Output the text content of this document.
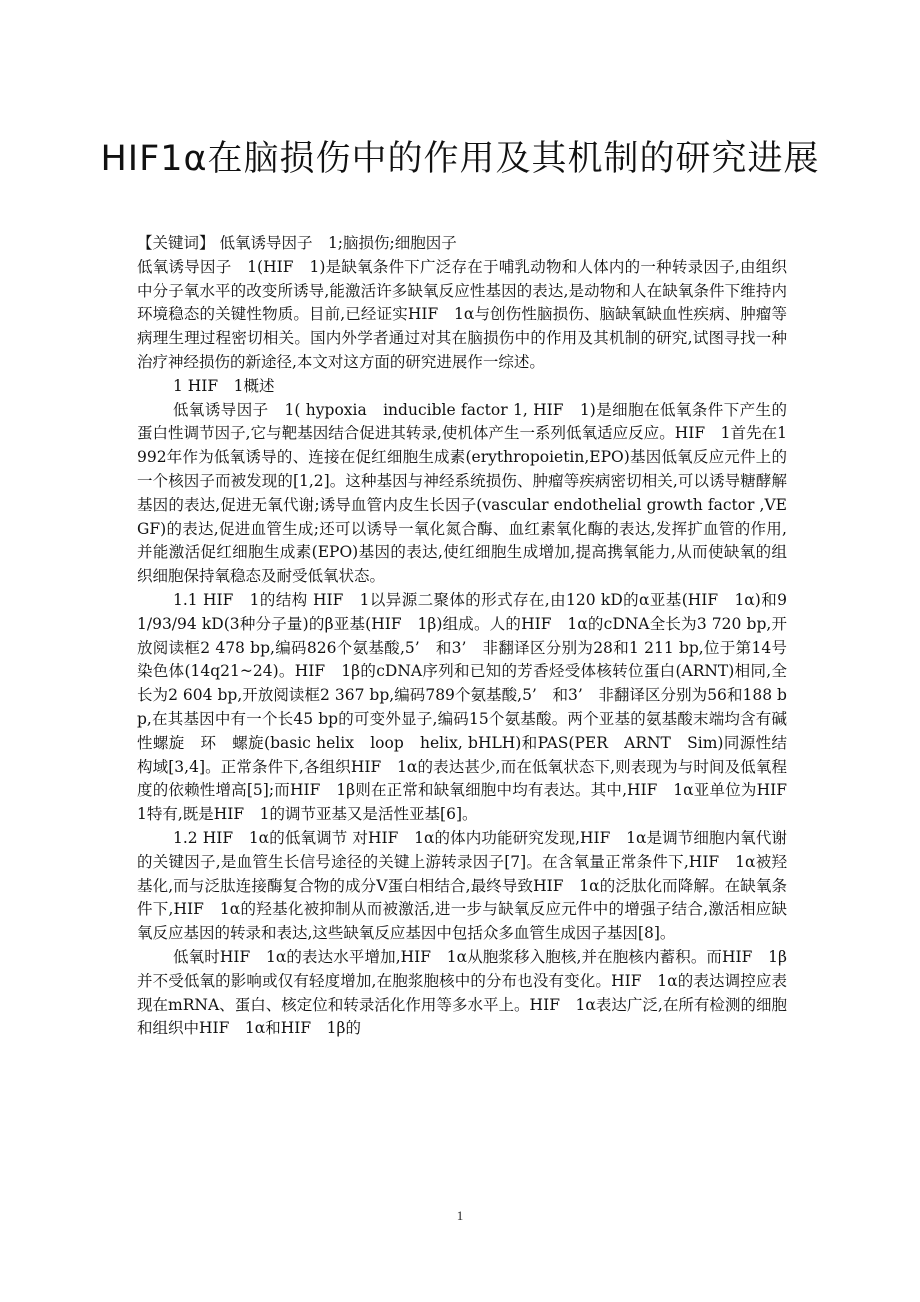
HIF1α在脑损伤中的作用及其机制的研究进展

【关键词】 低氧诱导因子　1;脑损伤;细胞因子

低氧诱导因子　1(HIF　1)是缺氧条件下广泛存在于哺乳动物和人体内的一种转录因子,由组织中分子氧水平的改变所诱导,能激活许多缺氧反应性基因的表达,是动物和人在缺氧条件下维持内环境稳态的关键性物质。目前,已经证实HIF　1α与创伤性脑损伤、脑缺氧缺血性疾病、肿瘤等病理生理过程密切相关。国内外学者通过对其在脑损伤中的作用及其机制的研究,试图寻找一种治疗神经损伤的新途径,本文对这方面的研究进展作一综述。

1 HIF　1概述

低氧诱导因子　1( hypoxia　inducible factor 1, HIF　1)是细胞在低氧条件下产生的蛋白性调节因子,它与靶基因结合促进其转录,使机体产生一系列低氧适应反应。HIF　1首先在1992年作为低氧诱导的、连接在促红细胞生成素(erythropoietin,EPO)基因低氧反应元件上的一个核因子而被发现的[1,2]。这种基因与神经系统损伤、肿瘤等疾病密切相关,可以诱导糖酵解基因的表达,促进无氧代谢;诱导血管内皮生长因子(vascular endothelial growth factor ,VEGF)的表达,促进血管生成;还可以诱导一氧化氮合酶、血红素氧化酶的表达,发挥扩血管的作用,并能激活促红细胞生成素(EPO)基因的表达,使红细胞生成增加,提高携氧能力,从而使缺氧的组织细胞保持氧稳态及耐受低氧状态。

1.1 HIF　1的结构 HIF　1以异源二聚体的形式存在,由120 kD的α亚基(HIF　1α)和91/93/94 kD(3种分子量)的β亚基(HIF　1β)组成。人的HIF　1α的cDNA全长为3 720 bp,开放阅读框2 478 bp,编码826个氨基酸,5’　和3’　非翻译区分别为28和1 211 bp,位于第14号染色体(14q21~24)。HIF　1β的cDNA序列和已知的芳香烃受体核转位蛋白(ARNT)相同,全长为2 604 bp,开放阅读框2 367 bp,编码789个氨基酸,5’　和3’　非翻译区分别为56和188 bp,在其基因中有一个长45 bp的可变外显子,编码15个氨基酸。两个亚基的氨基酸末端均含有碱性螺旋　环　螺旋(basic helix　loop　helix, bHLH)和PAS(PER　ARNT　Sim)同源性结构域[3,4]。正常条件下,各组织HIF　1α的表达甚少,而在低氧状态下,则表现为与时间及低氧程度的依赖性增高[5];而HIF　1β则在正常和缺氧细胞中均有表达。其中,HIF　1α亚单位为HIF　1特有,既是HIF　1的调节亚基又是活性亚基[6]。

1.2 HIF　1α的低氧调节 对HIF　1α的体内功能研究发现,HIF　1α是调节细胞内氧代谢的关键因子,是血管生长信号途径的关键上游转录因子[7]。在含氧量正常条件下,HIF　1α被羟基化,而与泛肽连接酶复合物的成分V蛋白相结合,最终导致HIF　1α的泛肽化而降解。在缺氧条件下,HIF　1α的羟基化被抑制从而被激活,进一步与缺氧反应元件中的增强子结合,激活相应缺氧反应基因的转录和表达,这些缺氧反应基因中包括众多血管生成因子基因[8]。

低氧时HIF　1α的表达水平增加,HIF　1α从胞浆移入胞核,并在胞核内蓄积。而HIF　1β并不受低氧的影响或仅有轻度增加,在胞浆胞核中的分布也没有变化。HIF　1α的表达调控应表现在mRNA、蛋白、核定位和转录活化作用等多水平上。HIF　1α表达广泛,在所有检测的细胞和组织中HIF　1α和HIF　1β的

1
